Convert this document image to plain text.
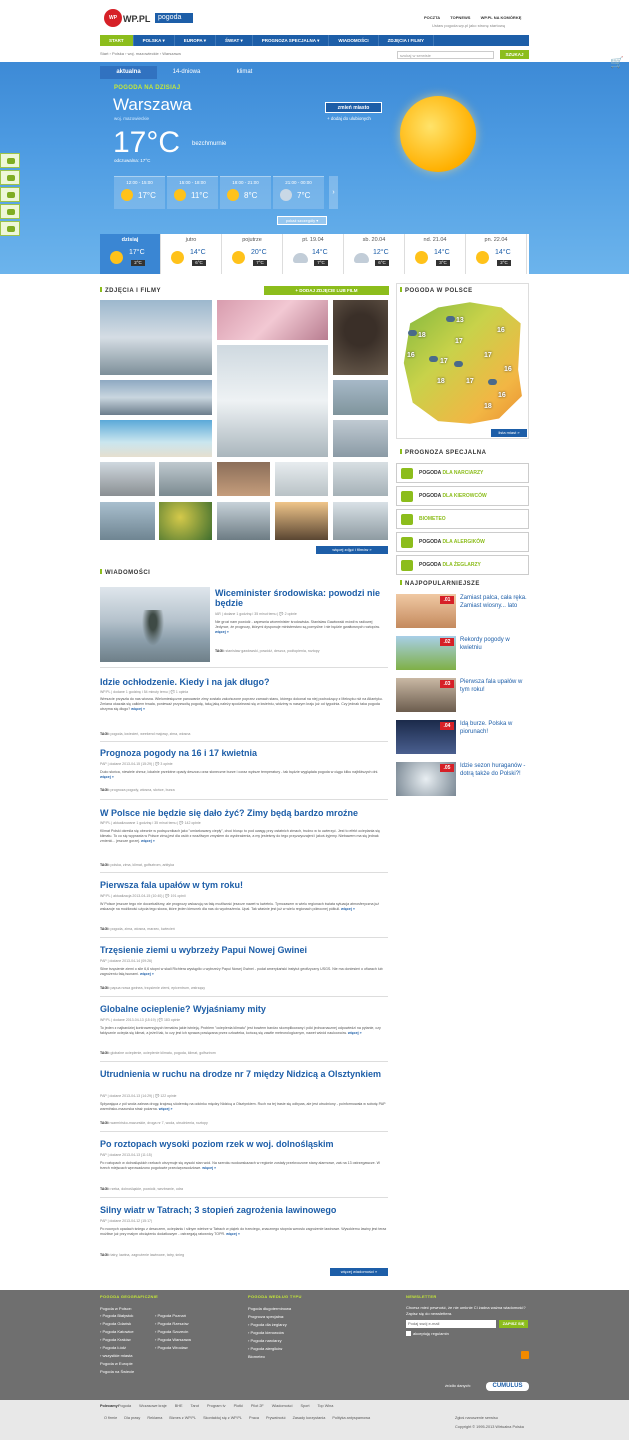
WP WP.PL	pogoda	POCZTA	TOPNEWS	WP.PL NA KOMÓRKĘ
Ustaw pogoda.wp.pl jako stronę startową
START	POLSKA ▾	EUROPA ▾	ŚWIAT ▾	PROGNOZA SPECJALNA ▾	WIADOMOŚCI	ZDJĘCIA I FILMY
Start › Polska › woj. mazowieckie › Warszawa	szukaj w serwisie	SZUKAJ
🛒
aktualna	14-dniowa	klimat
POGODA NA DZISIAJ
Warszawa
woj. mazowieckie
17°C bezchmurnie
odczuwalna: 17°C
zmień miasto
+ dodaj do ulubionych
12:00 - 15:00
17°C
15:00 - 18:00
11°C
18:00 - 21:00
8°C
21:00 - 00:00
7°C	›
pokaż szczegóły ▾
dzisiaj
17°C
2°C
jutro
14°C
6°C
pojutrze
20°C
7°C
pt. 19.04
14°C
7°C
sb. 20.04
12°C
6°C
nd. 21.04
14°C
3°C
pn. 22.04
14°C
2°C
ZDJĘCIA I FILMY	+ DODAJ ZDJĘCIE LUB FILM
więcej zdjęć i filmów »
POGODA W POLSCE
13
16
18
17
17
16
17
16
18	17
16
18
lista miast »
PROGNOZA SPECJALNA
POGODA DLA NARCIARZY
POGODA DLA KIEROWCÓW
BIOMETEO
POGODA DLA ALERGIKÓW
POGODA DLA ŻEGLARZY
NAJPOPULARNIEJSZE
.01	Zamiast palca, cała ręka. Zamiast wiosny... lato
.02	Rekordy pogody w kwietniu
.03	Pierwsza fala upałów w tym roku!
.04	Idą burze. Polska w piorunach!
.05	Idzie sezon huraganów - dotrą także do Polski?!
WIADOMOŚCI
Wiceminister środowiska: powodzi nie będzie
IAR | dodane 1 godzinę i 35 minut temu | 💬 2 opinie
Nie grozi nam powódź - zapewnia wiceminister środowiska. Stanisław Gawłowski mówił w radiowej Jedynce, że prognozy, którymi dysponuje ministerstwo są pomyślne i nie będzie gwałtownych roztopów. więcej »
TAGI: stanisław gawłowski, powódź, deszcz, podtopienia, roztopy
Idzie ochłodzenie. Kiedy i na jak długo?
WP.PL | dodane 1 godzinę i 54 minuty temu | 💬 1 opinia
Wreszcie przyszła do nas wiosna. Wielomiesięczne panowanie zimy zostało zakończone poprzez zamach stanu, którego dokonał na niej pochodzący z Meksyku niż na Atlantyku. Zmiana okazała się całkiem trwała, ponieważ przyzwoitą pogodę, taką jaką należy spodziewać się w kwietniu, widzimy w naszym kraju już od tygodnia. Czy jednak taka pogoda utrzyma się długo? więcej »
TAGI: pogoda, kwiecień, weekend majowy, zima, wiosna
Prognoza pogody na 16 i 17 kwietnia
PAP | dodane 2013-04-15 (15:29) | 💬 3 opinie
Dużo słońca, niewiele chmur, lokalnie przelotne opady deszczu oraz słoneczne burze i coraz wyższe temperatury - tak będzie wyglądała pogoda w ciągu kilku najbliższych dni. więcej »
TAGI: prognoza pogody, wiosna, słońce, burza
W Polsce nie będzie się dało żyć? Zimy będą bardzo mroźne
WP.PL | aktualizowane 1 godzinę i 35 minut temu | 💬 142 opinie
Klimat Polski określa się obecnie w podręcznikach jako "umiarkowany ciepły", choć biorąc to pod uwagę przy ostatnich zimach, trudno w to uwierzyć. Jest to efekt ocieplania się klimatu. To co się wyprawia w Polsce zimą jest dla osób z wrażliwym zmysłem do wyobrażenia, a my jesteśmy do tego przyzwyczajeni i jakoś żyjemy. Niebawem ma się jednak zmienić... jeszcze gorzej. więcej »
TAGI: polska, zima, klimat, golfsztrom, arktyka
Pierwsza fala upałów w tym roku!
WP.PL | aktualizacja 2013-04-15 (10:40) | 💬 191 opinii
W Polsce jeszcze tego nie doczekaliśmy, ale prognozy wskazują na falę możliwość jeszcze nawet w kwietniu. Tymczasem w wielu regionach świata sytuacja atmosferyczna już wskazuje na możliwość użycia tego słowa, które jeden kierunek dla nas do wyobrażenia. Upał. Tak właśnie jest już w wielu regionach północnej półkuli. więcej »
TAGI: pogoda, zima, wiosna, marzec, kwiecień
Trzęsienie ziemi u wybrzeży Papui Nowej Gwinei
PAP | dodane 2013-04-14 (09:26)
Silne trzęsienie ziemi o sile 6,6 stopni w skali Richtera wystąpiło u wybrzeży Papui Nowej Gwinei - podał amerykański instytut geofizyczny USGS. Nie ma doniesień o ofiarach lub zagrożeniu falą tsunami. więcej »
TAGI: papua nowa gwinea, trzęsienie ziemi, epicentrum, wstrząsy
Globalne ocieplenie? Wyjaśniamy mity
WP.PL | dodane 2013-04-13 (15:19) | 💬 183 opinie
To jeden z najbardziej kontrowersyjnych tematów jakie istnieją. Problem "ocieplenia klimatu" jest bowiem bardzo skomplikowany i póki jednoznacznej odpowiedzi na pytanie, czy faktycznie ociepla się klimat, a jeżeli tak, to czy jest ich sprawa powiązana przez człowieka, kończą się zawiłe meteorologicznym, nawet wśród naukowców. więcej »
TAGI: globalne ocieplenie, ocieplenie klimatu, pogoda, klimat, golfsztrom
Utrudnienia w ruchu na drodze nr 7 między Nidzicą a Olsztynkiem
PAP | dodane 2013-04-13 (14:29) | 💬 122 opinie
Spływająca z pól woda zalewa drogę krajową siódemkę na odcinku między Nidzicą a Olsztynkiem. Ruch na tej trasie się odbywa, ale jest utrudniony - poinformowała w sobotę PAP warmińsko-mazurska straż pożarna. więcej »
TAGI: warmińsko-mazurskie, droga nr 7, woda, utrudnienia, roztopy
Po roztopach wysoki poziom rzek w woj. dolnośląskim
PAP | dodane 2013-04-13 (11:15)
Po roztopach w dolnośląskich rzekach utrzymuje się wysoki stan wód. Na szeroku wodowskazach w regionie zostały przekroczone stany alarmowe, zaś na 13 ostrzegawcze. W trzech miejscach wprowadzono pogotowie przeciwpowodziowe. więcej »
TAGI: rzeka, dolnośląskie, powódź, wezbranie, odra
Silny wiatr w Tatrach; 3 stopień zagrożenia lawinowego
PAP | dodane 2013-04-12 (15:17)
Po nocnych opadach śniegu z deszczem, ocieplaniu i silnym wietrze w Tatrach w piątek do trzeciego, znacznego stopnia wzrosło zagrożenie lawinowe. Wysokiemu lawiny jest teraz możliwe już przy małym obciążeniu dodatkowym - ostrzegają ratownicy TOPR. więcej »
TAGI: tatry, lawina, zagrożenie lawinowe, tatry, śnieg
więcej wiadomości »
POGODA GEOGRAFICZNIE
Pogoda w Polsce:
› Pogoda Białystok
› Pogoda Gdańsk
› Pogoda Katowice
› Pogoda Kraków
› Pogoda Łódź
› wszystkie miasta
Pogoda w Europie
Pogoda na Świecie
› Pogoda Poznań
› Pogoda Rzeszów
› Pogoda Szczecin
› Pogoda Warszawa
› Pogoda Wrocław
POGODA WEDŁUG TYPU
Pogoda długoterminowa
Prognoza specjalna:
› Pogoda dla żeglarzy
› Pogoda kierowców
› Pogoda narciarzy
› Pogoda alergików
Biometeo
NEWSLETTER
Chcesz mieć pewność, że nie umknie Ci żadna ważna wiadomość? Zapisz się do newslettera.
Podaj swój e-mail	ZAPISZ SIĘ
akceptuję regulamin
źródło danych:	CUMULUS
Polecamy: Pogoda Wczasowe kraje BHE Tarot Program tv Plotki Pilot 2F Wiadomości Sport Top Wina
O firmie Dla prasy Reklama Biznes z WP.PL Skontaktuj się z WP.PL Praca Prywatność Zasady korzystania Polityka antyspamowa	Zgłoś naruszenie serwisu
Copyright © 1995-2013 Wirtualna Polska
